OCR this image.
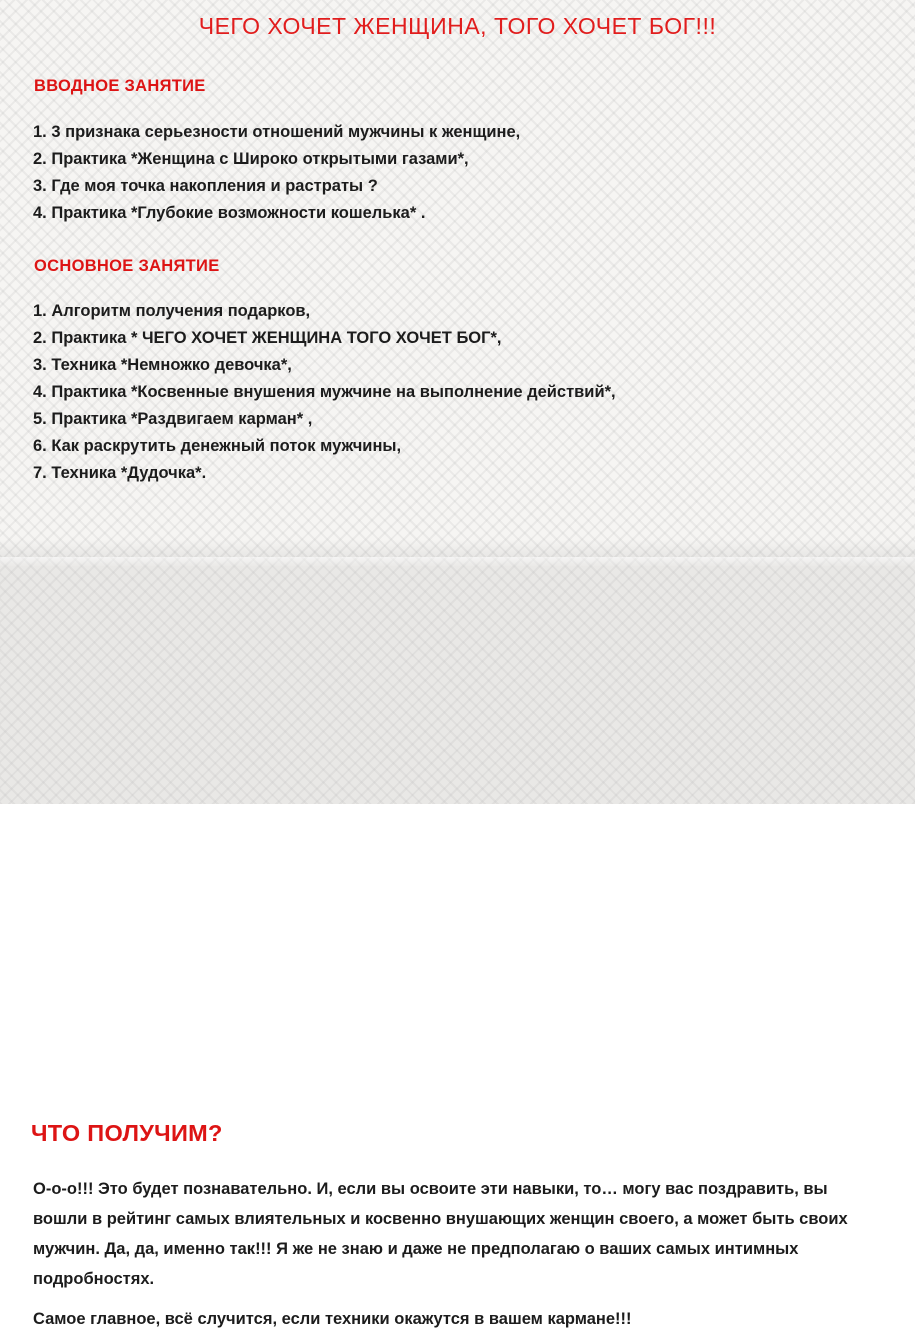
ЧЕГО ХОЧЕТ ЖЕНЩИНА, ТОГО ХОЧЕТ БОГ!!!
ВВОДНОЕ ЗАНЯТИЕ
1. 3 признака серьезности отношений мужчины к женщине,
2. Практика *Женщина с Широко открытыми газами*,
3. Где моя точка накопления и растраты ?
4. Практика *Глубокие возможности кошелька* .
ОСНОВНОЕ ЗАНЯТИЕ
1. Алгоритм получения подарков,
2. Практика * ЧЕГО ХОЧЕТ ЖЕНЩИНА ТОГО ХОЧЕТ БОГ*,
3. Техника *Немножко девочка*,
4. Практика *Косвенные внушения мужчине на выполнение действий*,
5. Практика *Раздвигаем карман* ,
6. Как раскрутить денежный поток мужчины,
7. Техника *Дудочка*.
ЧТО ПОЛУЧИМ?
О-о-о!!! Это будет познавательно. И, если вы освоите эти навыки, то… могу вас поздравить, вы вошли в рейтинг самых влиятельных и косвенно внушающих женщин своего, а может быть своих мужчин. Да, да, именно так!!! Я же не знаю и даже не предполагаю о ваших самых интимных подробностях.
Самое главное, всё случится, если техники окажутся в вашем кармане!!!
